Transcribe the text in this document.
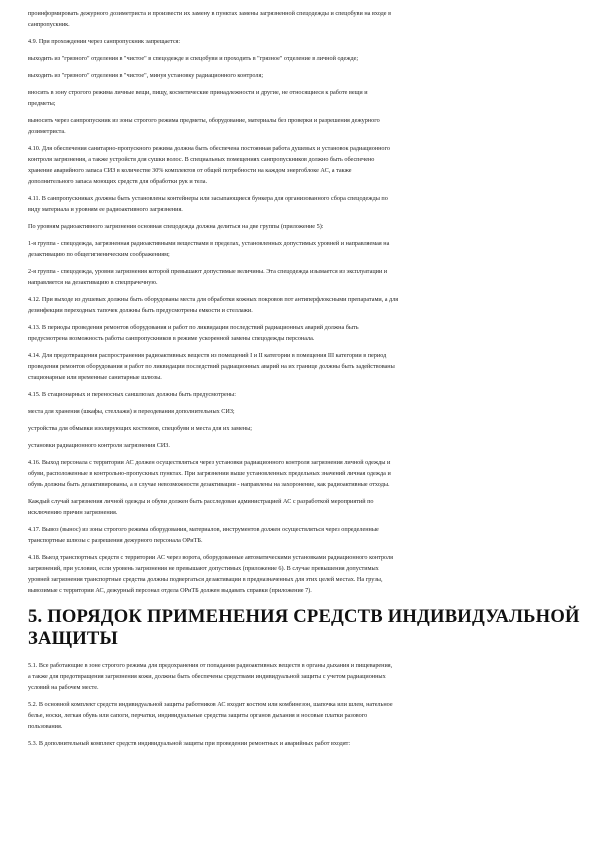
проинформировать дежурного дозиметриста и произвести их замену в пунктах замены загрязненной спецодежды и спецобуви на входе в
санпропускник.
4.9. При прохождении через санпропускник запрещается:
выходить из "грязного" отделения в "чистое" в спецодежде и спецобуви и проходить в "грязное" отделение в личной одежде;
выходить из "грязного" отделения в "чистое", минуя установку радиационного контроля;
вносить в зону строгого режима личные вещи, пищу, косметические принадлежности и другие, не относящиеся к работе вещи и
предметы;
выносить через санпропускник из зоны строгого режима предметы, оборудование, материалы без проверки и разрешения дежурного
дозиметриста.
4.10. Для обеспечения санитарно-пропускного режима должна быть обеспечена постоянная работа душевых и установок радиационного
контроля загрязнения, а также устройств для сушки волос. В специальных помещениях санпропускников должно быть обеспечено
хранение аварийного запаса СИЗ в количестве 30% комплектов от общей потребности на каждом энергоблоке АС, а также
дополнительного запаса моющих средств для обработки рук и тела.
4.11. В санпропускниках должны быть установлены контейнеры или засыпающиеся бункера для организованного сбора спецодежды по
виду материала и уровням ее радиоактивного загрязнения.
По уровням радиоактивного загрязнения основная спецодежда должна делиться на две группы (приложение 5):
1-я группа - спецодежда, загрязненная радиоактивными веществами в пределах, установленных допустимых уровней и направляемая на
дезактивацию по общегигиеническим соображениям;
2-я группа - спецодежда, уровни загрязнения которой превышают допустимые величины. Эта спецодежда изымается из эксплуатации и
направляется на дезактивацию в спецпрачечную.
4.12. При выходе из душевых должны быть оборудованы места для обработки кожных покровов пот антиперфлоксными препаратами, а для
дезинфекции переходных тапочек должны быть предусмотрены емкости и стеллажи.
4.13. В периоды проведения ремонтов оборудования и работ по ликвидации последствий радиационных аварий должна быть
предусмотрена возможность работы санпропускников в режиме ускоренной замены спецодежды персонала.
4.14. Для предотвращения распространения радиоактивных веществ из помещений I и II категории в помещения III категории в период
проведения ремонтов оборудования и работ по ликвидации последствий радиационных аварий на их границе должны быть задействованы
стационарные или временные санитарные шлюзы.
4.15. В стационарных и переносных саншлюзах должны быть предусмотрены:
места для хранения (шкафы, стеллажи) и переодевания дополнительных СИЗ;
устройства для обмывки изолирующих костюмов, спецобуви и места для их замены;
установки радиационного контроля загрязнения СИЗ.
4.16. Выход персонала с территории АС должен осуществляться через установки радиационного контроля загрязнения личной одежды и
обуви, расположенные в контрольно-пропускных пунктах. При загрязнении выше установленных предельных значений личная одежда и
обувь должны быть дезактивированы, а в случае невозможности дезактивации - направлены на захоронение, как радиоактивные отходы.
Каждый случай загрязнения личной одежды и обуви должен быть расследован администрацией АС с разработкой мероприятий по
исключению причин загрязнения.
4.17. Вывоз (вынос) из зоны строгого режима оборудования, материалов, инструментов должен осуществляться через определенные
транспортные шлюзы с разрешения дежурного персонала ОРиТБ.
4.18. Выезд транспортных средств с территории АС через ворота, оборудованные автоматическими установками радиационного контроля
загрязнений, при условии, если уровень загрязнения не превышают допустимых (приложение 6). В случае превышения допустимых
уровней загрязнения транспортные средства должны подвергаться дезактивации в предназначенных для этих целей местах. На грузы,
вывозимые с территории АС, дежурный персонал отдела ОРиТБ должен выдавать справки (приложение 7).
5. ПОРЯДОК ПРИМЕНЕНИЯ СРЕДСТВ ИНДИВИДУАЛЬНОЙ
ЗАЩИТЫ
5.1. Все работающие в зоне строгого режима для предохранения от попадания радиоактивных веществ в органы дыхания и пищеварения,
а также для предотвращения загрязнения кожи, должны быть обеспечены средствами индивидуальной защиты с учетом радиационных
условий на рабочем месте.
5.2. В основной комплект средств индивидуальной защиты работников АС входит костюм или комбинезон, шапочка или шлем, нательное
белье, носки, легкая обувь или сапоги, перчатки, индивидуальные средства защиты органов дыхания и носовые платки разового
пользования.
5.3. В дополнительный комплект средств индивидуальной защиты при проведении ремонтных и аварийных работ входят:
